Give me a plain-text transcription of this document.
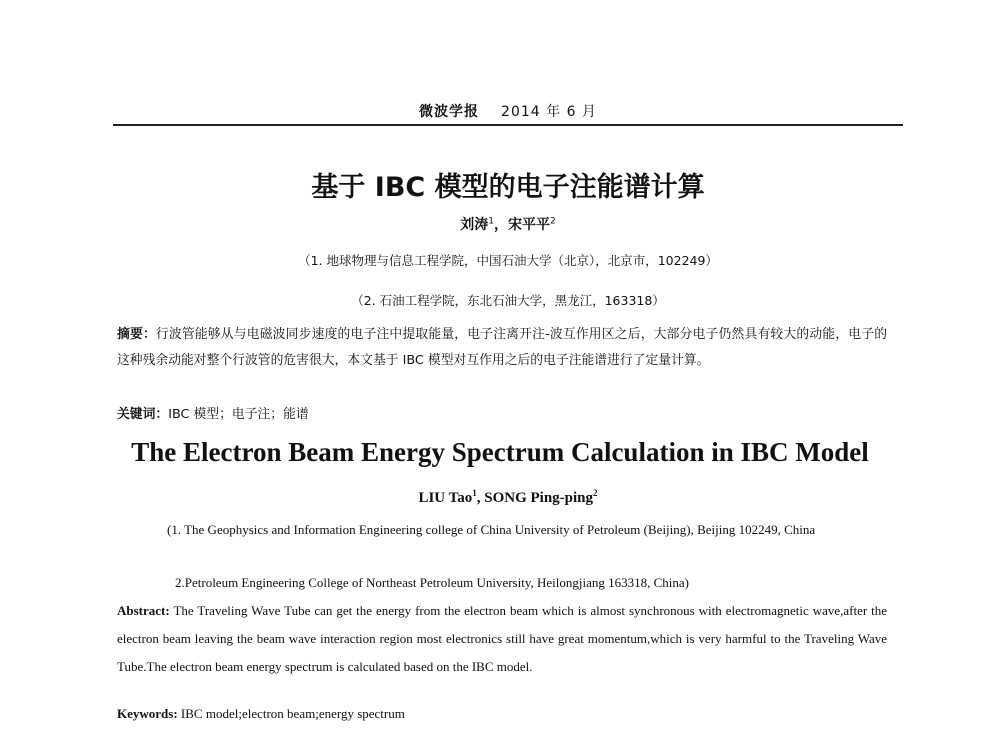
微波学报 2014 年 6 月
基于 IBC 模型的电子注能谱计算
刘涛$^1$，宋平平$^2$
（1. 地球物理与信息工程学院，中国石油大学（北京），北京市，102249）
（2. 石油工程学院，东北石油大学，黑龙江，163318）

摘要：行波管能够从与电磁波同步速度的电子注中提取能量，电子注离开注-波互作用区之后，大部分电子仍然具有较大的动能，电子的这种残余动能对整个行波管的危害很大，本文基于 IBC 模型对互作用之后的电子注能谱进行了定量计算。

关键词：IBC 模型；电子注；能谱

The Electron Beam Energy Spectrum Calculation in IBC Model
LIU Tao$^1$, SONG Ping-ping$^2$
(1. The Geophysics and Information Engineering college of China University of Petroleum (Beijing), Beijing 102249, China
2.Petroleum Engineering College of Northeast Petroleum University, Heilongjiang 163318, China)

Abstract: The Traveling Wave Tube can get the energy from the electron beam which is almost synchronous with electromagnetic wave,after the electron beam leaving the beam wave interaction region most electronics still have great momentum,which is very harmful to the Traveling Wave Tube.The electron beam energy spectrum is calculated based on the IBC model.

Keywords: IBC model;electron beam;energy spectrum
